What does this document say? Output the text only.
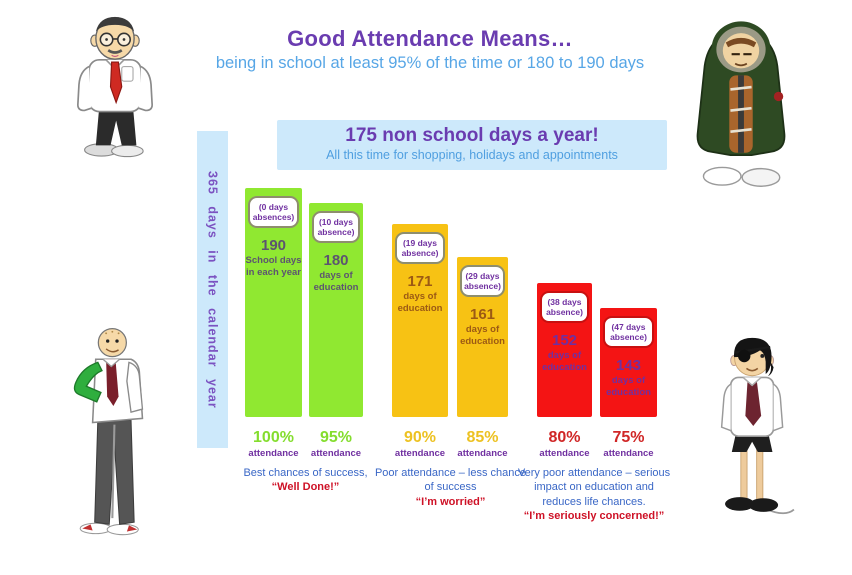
Good Attendance Means…
being in school at least 95% of the time or 180 to 190 days
175 non school days a year!
All this time for shopping, holidays and appointments
365 days in the calendar year	(0 days absences)
190
School days in each year
(10 days absence)
180
days of education
(19 days absence)
171
days of education
(29 days absence)
161
days of education
(38 days absence)
152
days of education
(47 days absence)
143
days of education
100%
attendance
95%
attendance
90%
attendance
85%
attendance
80%
attendance
75%
attendance
Best chances of success,
“Well Done!”
Poor attendance – less chance of success
“I’m worried”
Very poor attendance – serious impact on education and reduces life chances.
“I’m seriously concerned!”
